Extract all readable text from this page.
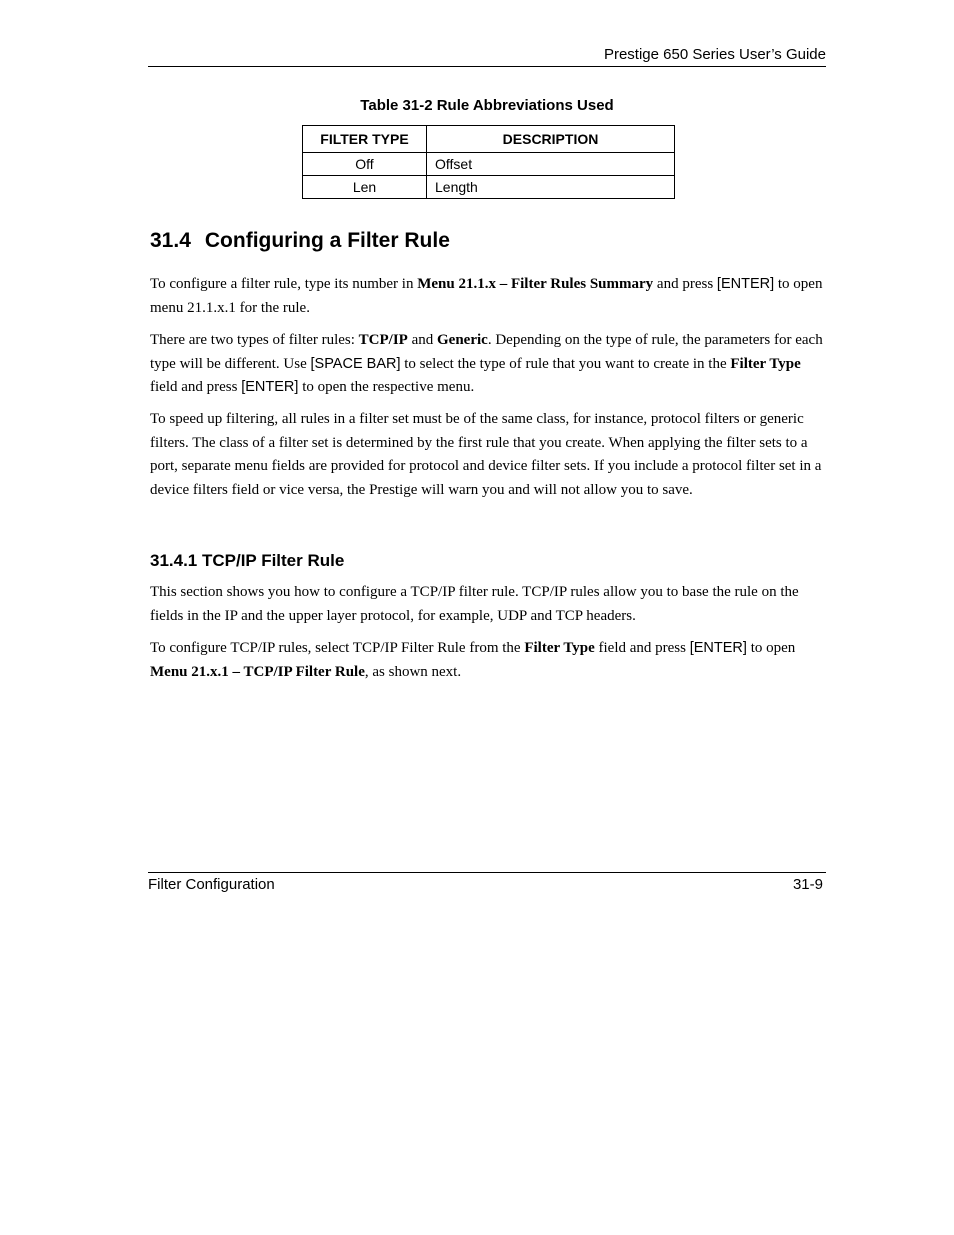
Prestige 650 Series User’s Guide
Table 31-2 Rule Abbreviations Used
FILTER TYPE	DESCRIPTION
Off	Offset
Len	Length
31.4 Configuring a Filter Rule

To configure a filter rule, type its number in Menu 21.1.x – Filter Rules Summary and press [ENTER] to open menu 21.1.x.1 for the rule.

There are two types of filter rules: TCP/IP and Generic. Depending on the type of rule, the parameters for each type will be different. Use [SPACE BAR] to select the type of rule that you want to create in the Filter Type field and press [ENTER] to open the respective menu.

To speed up filtering, all rules in a filter set must be of the same class, for instance, protocol filters or generic filters. The class of a filter set is determined by the first rule that you create. When applying the filter sets to a port, separate menu fields are provided for protocol and device filter sets. If you include a protocol filter set in a device filters field or vice versa, the Prestige will warn you and will not allow you to save.

31.4.1 TCP/IP Filter Rule

This section shows you how to configure a TCP/IP filter rule. TCP/IP rules allow you to base the rule on the fields in the IP and the upper layer protocol, for example, UDP and TCP headers.

To configure TCP/IP rules, select TCP/IP Filter Rule from the Filter Type field and press [ENTER] to open Menu 21.x.1 – TCP/IP Filter Rule, as shown next.

Filter Configuration	31-9
